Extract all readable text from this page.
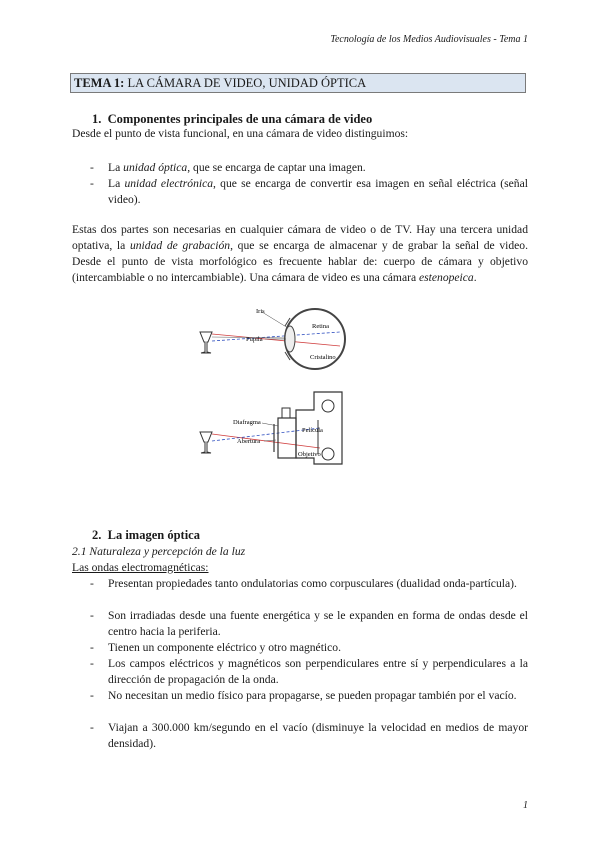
Tecnología de los Medios Audiovisuales - Tema 1
TEMA 1: LA CÁMARA DE VIDEO, UNIDAD ÓPTICA
1.  Componentes principales de una cámara de video
Desde el punto de vista funcional, en una cámara de video distinguimos:
- La unidad óptica, que se encarga de captar una imagen.
- La unidad electrónica, que se encarga de convertir esa imagen en señal eléctrica (señal video).
Estas dos partes son necesarias en cualquier cámara de video o de TV. Hay una tercera unidad optativa, la unidad de grabación, que se encarga de almacenar y de grabar la señal de video. Desde el punto de vista morfológico es frecuente hablar de: cuerpo de cámara y objetivo (intercambiable o no intercambiable). Una cámara de video es una cámara estenopeica.
Iris
Pupila
Retina
Cristalino
Diafragma
Abertura
Película
Objetivo
2.  La imagen óptica
2.1 Naturaleza y percepción de la luz
Las ondas electromagnéticas:
- Presentan propiedades tanto ondulatorias como corpusculares (dualidad onda-partícula).
- Son irradiadas desde una fuente energética y se le expanden en forma de ondas desde el centro hacia la periferia.
- Tienen un componente eléctrico y otro magnético.
- Los campos eléctricos y magnéticos son perpendiculares entre sí y perpendiculares a la dirección de propagación de la onda.
- No necesitan un medio físico para propagarse, se pueden propagar también por el vacío.
- Viajan a 300.000 km/segundo en el vacío (disminuye la velocidad en medios de mayor densidad).
1
